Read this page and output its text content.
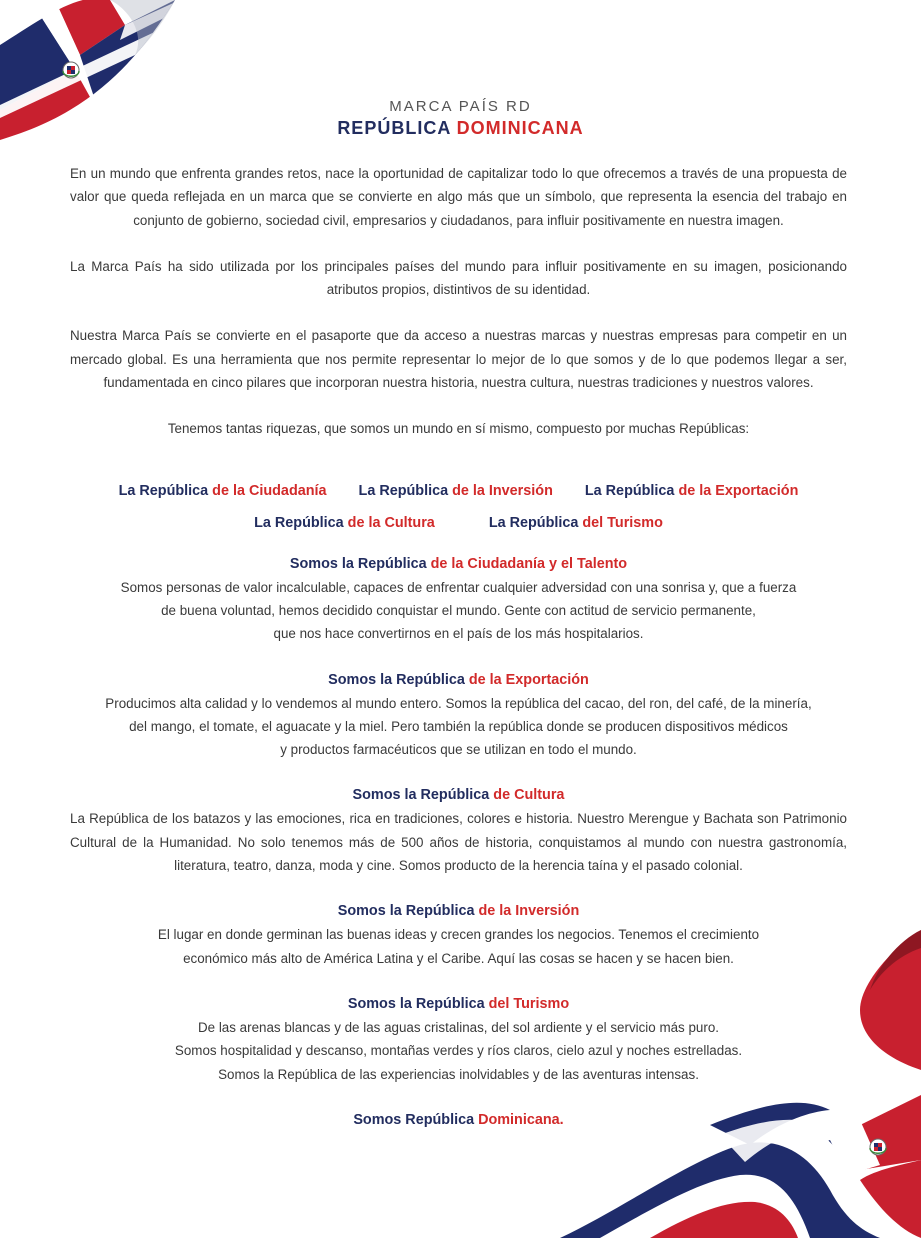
MARCA PAÍS RD
REPÚBLICA DOMINICANA

En un mundo que enfrenta grandes retos, nace la oportunidad de capitalizar todo lo que ofrecemos a través de una propuesta de valor que queda reflejada en un marca que se convierte en algo más que un símbolo, que representa la esencia del trabajo en conjunto de gobierno, sociedad civil, empresarios y ciudadanos, para influir positivamente en nuestra imagen.

La Marca País ha sido utilizada por los principales países del mundo para influir positivamente en su imagen, posicionando atributos propios, distintivos de su identidad.

Nuestra Marca País se convierte en el pasaporte que da acceso a nuestras marcas y nuestras empresas para competir en un mercado global. Es una herramienta que nos permite representar lo mejor de lo que somos y de lo que podemos llegar a ser, fundamentada en cinco pilares que incorporan nuestra historia, nuestra cultura, nuestras tradiciones y nuestros valores.

Tenemos tantas riquezas, que somos un mundo en sí mismo, compuesto por muchas Repúblicas:

La República de la Ciudadanía La República de la Inversión La República de la Exportación
La República de la Cultura	La República del Turismo
Somos la República de la Ciudadanía y el Talento

Somos personas de valor incalculable, capaces de enfrentar cualquier adversidad con una sonrisa y, que a fuerza

de buena voluntad, hemos decidido conquistar el mundo. Gente con actitud de servicio permanente,

que nos hace convertirnos en el país de los más hospitalarios.

Somos la República de la Exportación

Producimos alta calidad y lo vendemos al mundo entero. Somos la república del cacao, del ron, del café, de la minería,

del mango, el tomate, el aguacate y la miel. Pero también la república donde se producen dispositivos médicos

y productos farmacéuticos que se utilizan en todo el mundo.

Somos la República de Cultura

La República de los batazos y las emociones, rica en tradiciones, colores e historia. Nuestro Merengue y Bachata son Patrimonio Cultural de la Humanidad. No solo tenemos más de 500 años de historia, conquistamos al mundo con nuestra gastronomía, literatura, teatro, danza, moda y cine. Somos producto de la herencia taína y el pasado colonial.

Somos la República de la Inversión

El lugar en donde germinan las buenas ideas y crecen grandes los negocios. Tenemos el crecimiento

económico más alto de América Latina y el Caribe. Aquí las cosas se hacen y se hacen bien.

Somos la República del Turismo

De las arenas blancas y de las aguas cristalinas, del sol ardiente y el servicio más puro.

Somos hospitalidad y descanso, montañas verdes y ríos claros, cielo azul y noches estrelladas.

Somos la República de las experiencias inolvidables y de las aventuras intensas.

Somos República Dominicana.
